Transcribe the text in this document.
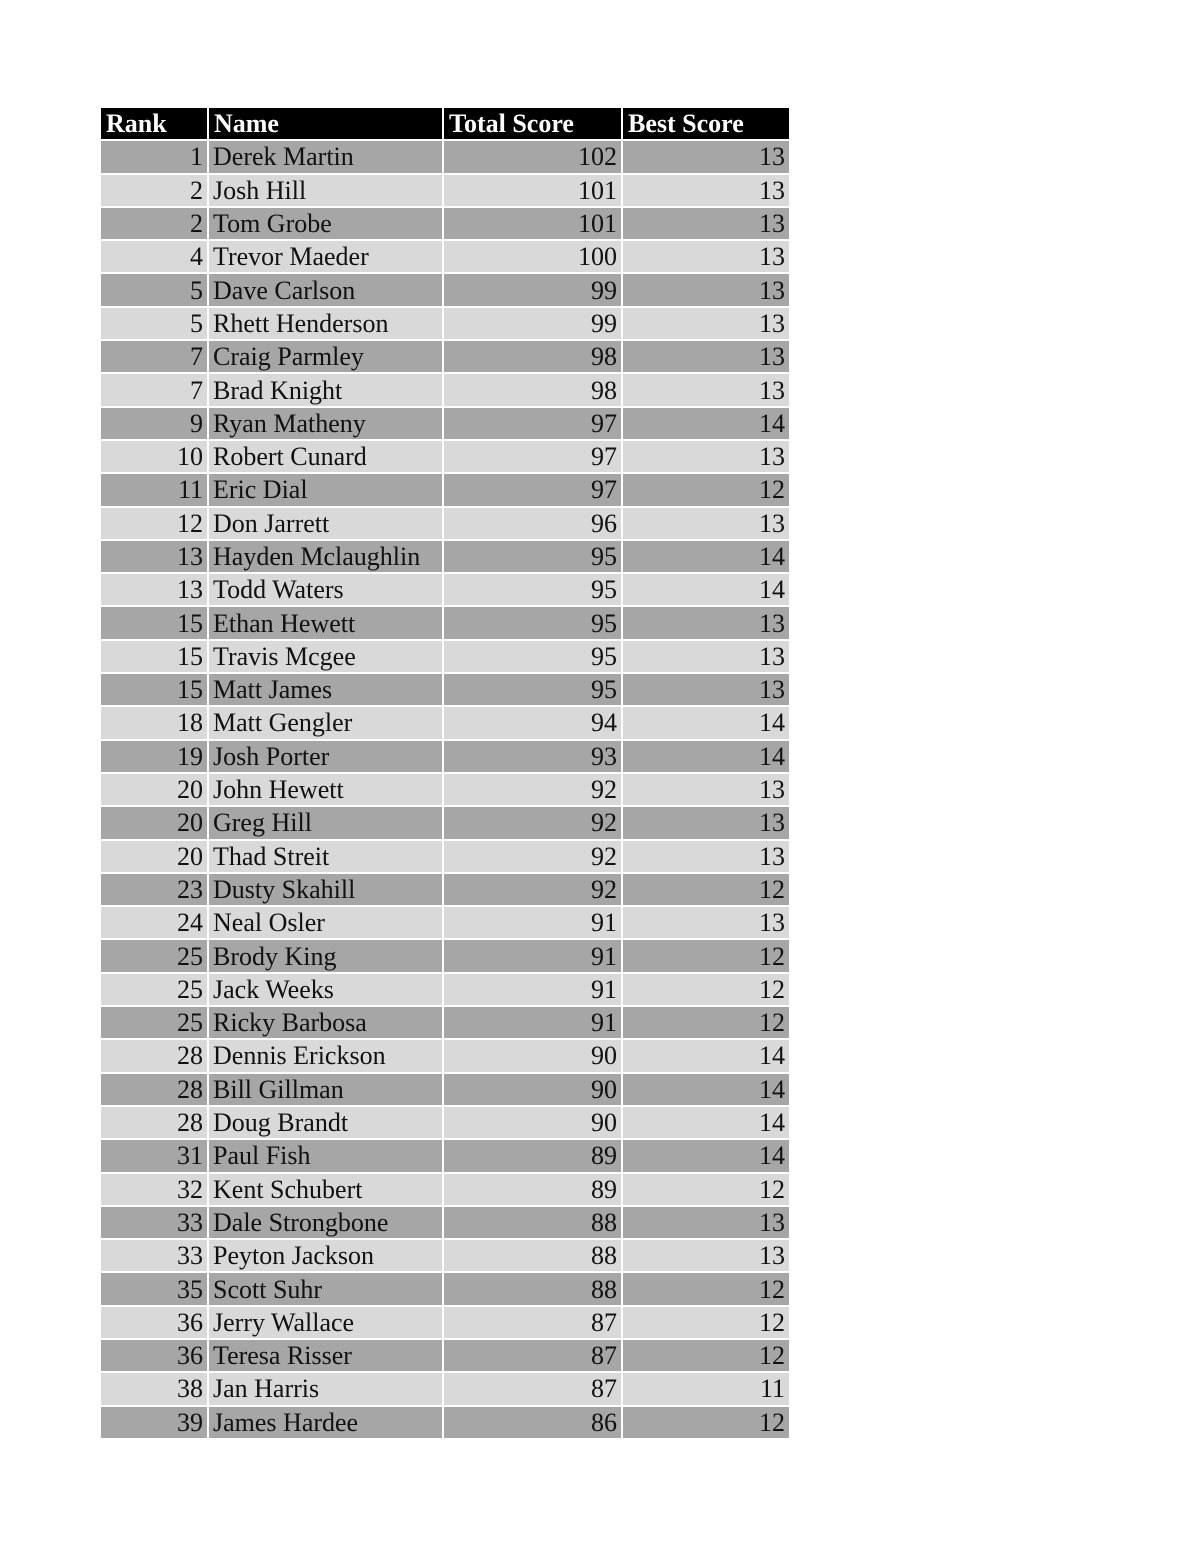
Rank	Name	Total Score	Best Score
1	Derek Martin	102	13
2	Josh Hill	101	13
2	Tom Grobe	101	13
4	Trevor Maeder	100	13
5	Dave Carlson	99	13
5	Rhett Henderson	99	13
7	Craig Parmley	98	13
7	Brad Knight	98	13
9	Ryan Matheny	97	14
10	Robert Cunard	97	13
11	Eric Dial	97	12
12	Don Jarrett	96	13
13	Hayden Mclaughlin	95	14
13	Todd Waters	95	14
15	Ethan Hewett	95	13
15	Travis Mcgee	95	13
15	Matt James	95	13
18	Matt Gengler	94	14
19	Josh Porter	93	14
20	John Hewett	92	13
20	Greg Hill	92	13
20	Thad Streit	92	13
23	Dusty Skahill	92	12
24	Neal Osler	91	13
25	Brody King	91	12
25	Jack Weeks	91	12
25	Ricky Barbosa	91	12
28	Dennis Erickson	90	14
28	Bill Gillman	90	14
28	Doug Brandt	90	14
31	Paul Fish	89	14
32	Kent Schubert	89	12
33	Dale Strongbone	88	13
33	Peyton Jackson	88	13
35	Scott Suhr	88	12
36	Jerry Wallace	87	12
36	Teresa Risser	87	12
38	Jan Harris	87	11
39	James Hardee	86	12
